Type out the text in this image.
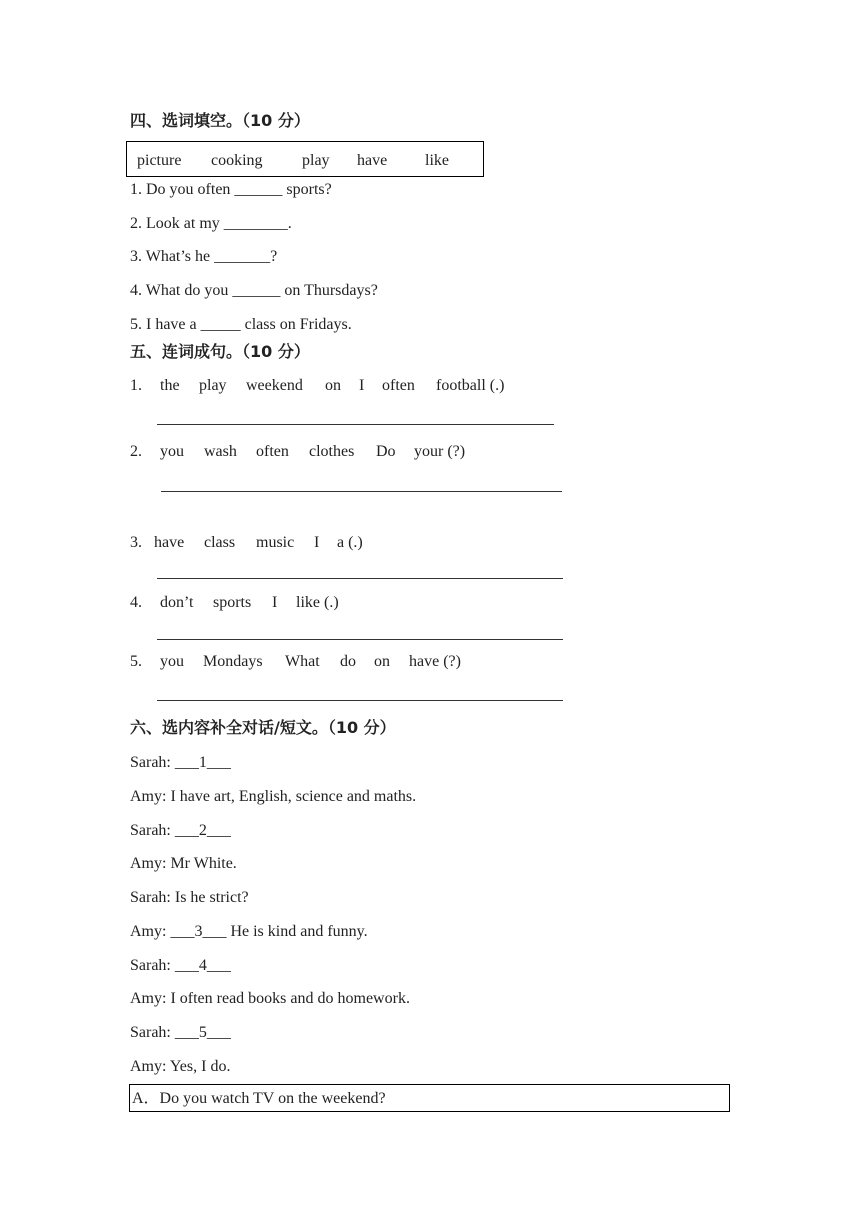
四、选词填空。（10 分）
picture cooking play have like
1. Do you often ______ sports?
2. Look at my ________.
3. What’s he _______?
4. What do you ______ on Thursdays?
5. I have a _____ class on Fridays.
五、连词成句。（10 分）
1. the play weekend on I often football (.)
2. you wash often clothes Do your (?)
3. have class music I a (.)
4. don’t sports I like (.)
5. you Mondays What do on have (?)
六、选内容补全对话/短文。（10 分）
Sarah: ___1___
Amy: I have art, English, science and maths.
Sarah: ___2___
Amy: Mr White.
Sarah: Is he strict?
Amy: ___3___ He is kind and funny.
Sarah: ___4___
Amy: I often read books and do homework.
Sarah: ___5___
Amy: Yes, I do.
A．Do you watch TV on the weekend?
